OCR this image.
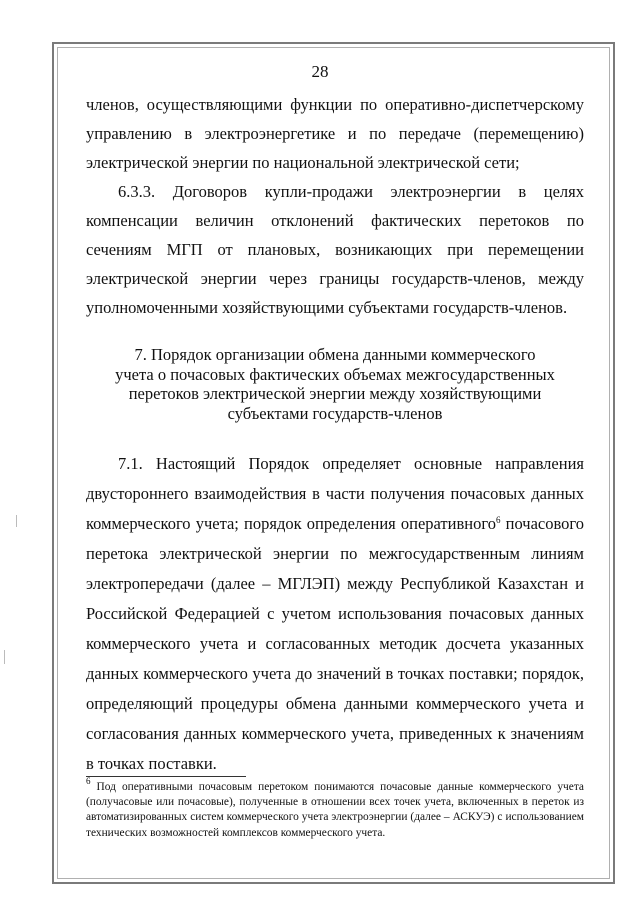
28

членов, осуществляющими функции по оперативно-диспетчерскому управлению в электроэнергетике и по передаче (перемещению) электрической энергии по национальной электрической сети;

6.3.3. Договоров купли-продажи электроэнергии в целях компенсации величин отклонений фактических перетоков по сечениям МГП от плановых, возникающих при перемещении электрической энергии через границы государств-членов, между уполномоченными хозяйствующими субъектами государств-членов.

7. Порядок организации обмена данными коммерческого
учета о почасовых фактических объемах межгосударственных
перетоков электрической энергии между хозяйствующими
субъектами государств-членов

7.1. Настоящий Порядок определяет основные направления двустороннего взаимодействия в части получения почасовых данных коммерческого учета; порядок определения оперативного$^6$ почасового перетока электрической энергии по межгосударственным линиям электропередачи (далее – МГЛЭП) между Республикой Казахстан и Российской Федерацией с учетом использования почасовых данных коммерческого учета и согласованных методик досчета указанных данных коммерческого учета до значений в точках поставки; порядок, определяющий процедуры обмена данными коммерческого учета и согласования данных коммерческого учета, приведенных к значениям в точках поставки.

$^6$ Под оперативными почасовым перетоком понимаются почасовые данные коммерческого учета (получасовые или почасовые), полученные в отношении всех точек учета, включенных в переток из автоматизированных систем коммерческого учета электроэнергии (далее – АСКУЭ) с использованием технических возможностей комплексов коммерческого учета.
